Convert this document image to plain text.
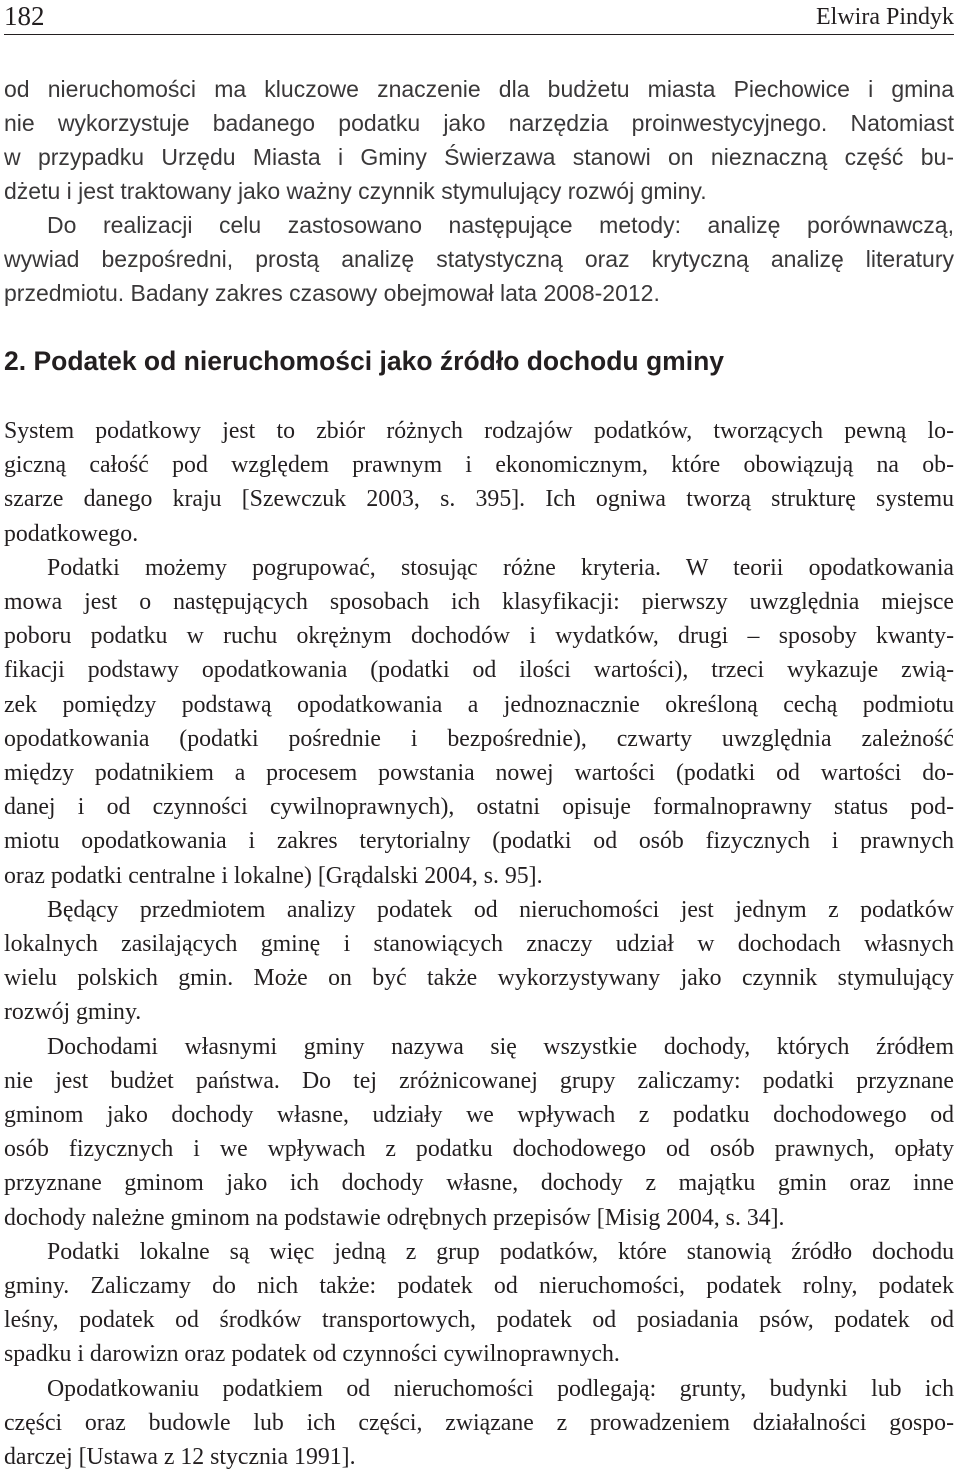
182	Elwira Pindyk

od nieruchomości ma kluczowe znaczenie dla budżetu miasta Piechowice i gmina
nie wykorzystuje badanego podatku jako narzędzia proinwestycyjnego. Natomiast
w przypadku Urzędu Miasta i Gminy Świerzawa stanowi on nieznaczną część bu-
dżetu i jest traktowany jako ważny czynnik stymulujący rozwój gminy.

Do realizacji celu zastosowano następujące metody: analizę porównawczą,
wywiad bezpośredni, prostą analizę statystyczną oraz krytyczną analizę literatury
przedmiotu. Badany zakres czasowy obejmował lata 2008-2012.

2. Podatek od nieruchomości jako źródło dochodu gminy

System podatkowy jest to zbiór różnych rodzajów podatków, tworzących pewną lo-
giczną całość pod względem prawnym i ekonomicznym, które obowiązują na ob-
szarze danego kraju [Szewczuk 2003, s. 395]. Ich ogniwa tworzą strukturę systemu
podatkowego.

Podatki możemy pogrupować, stosując różne kryteria. W teorii opodatkowania
mowa jest o następujących sposobach ich klasyfikacji: pierwszy uwzględnia miejsce
poboru podatku w ruchu okrężnym dochodów i wydatków, drugi – sposoby kwanty-
fikacji podstawy opodatkowania (podatki od ilości wartości), trzeci wykazuje zwią-
zek pomiędzy podstawą opodatkowania a jednoznacznie określoną cechą podmiotu
opodatkowania (podatki pośrednie i bezpośrednie), czwarty uwzględnia zależność
między podatnikiem a procesem powstania nowej wartości (podatki od wartości do-
danej i od czynności cywilnoprawnych), ostatni opisuje formalnoprawny status pod-
miotu opodatkowania i zakres terytorialny (podatki od osób fizycznych i prawnych
oraz podatki centralne i lokalne) [Grądalski 2004, s. 95].

Będący przedmiotem analizy podatek od nieruchomości jest jednym z podatków
lokalnych zasilających gminę i stanowiących znaczy udział w dochodach własnych
wielu polskich gmin. Może on być także wykorzystywany jako czynnik stymulujący
rozwój gminy.

Dochodami własnymi gminy nazywa się wszystkie dochody, których źródłem
nie jest budżet państwa. Do tej zróżnicowanej grupy zaliczamy: podatki przyznane
gminom jako dochody własne, udziały we wpływach z podatku dochodowego od
osób fizycznych i we wpływach z podatku dochodowego od osób prawnych, opłaty
przyznane gminom jako ich dochody własne, dochody z majątku gmin oraz inne
dochody należne gminom na podstawie odrębnych przepisów [Misig 2004, s. 34].

Podatki lokalne są więc jedną z grup podatków, które stanowią źródło dochodu
gminy. Zaliczamy do nich także: podatek od nieruchomości, podatek rolny, podatek
leśny, podatek od środków transportowych, podatek od posiadania psów, podatek od
spadku i darowizn oraz podatek od czynności cywilnoprawnych.

Opodatkowaniu podatkiem od nieruchomości podlegają: grunty, budynki lub ich
części oraz budowle lub ich części, związane z prowadzeniem działalności gospo-
darczej [Ustawa z 12 stycznia 1991].
